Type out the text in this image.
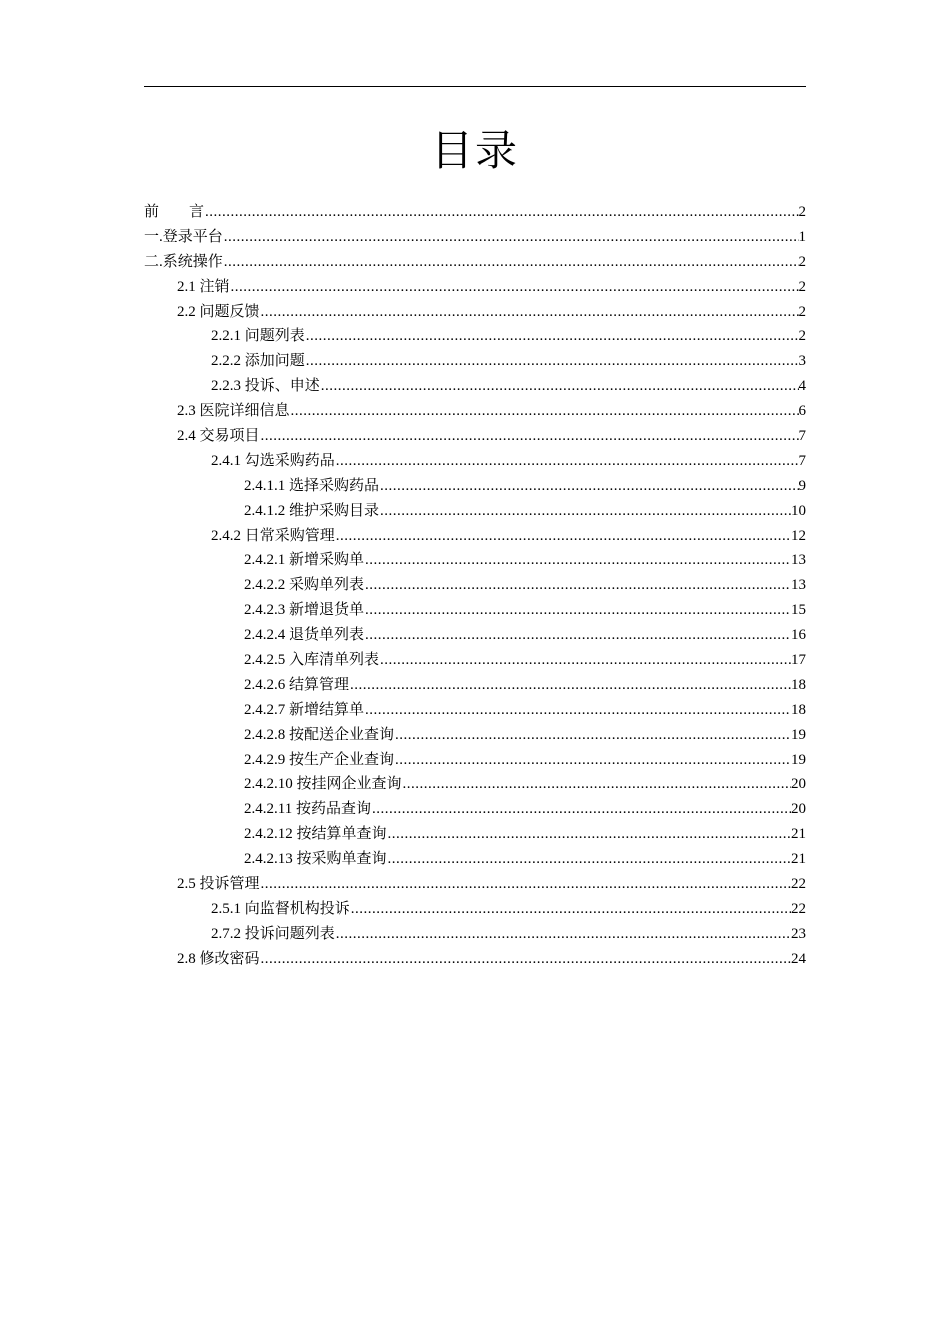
目录
前　　言 .....	2
一.登录平台 .....	1
二.系统操作 .....	2
2.1 注销 .....	2
2.2 问题反馈 .....	2
2.2.1 问题列表 .....	2
2.2.2 添加问题 .....	3
2.2.3 投诉、申述 .....	4
2.3 医院详细信息 .....	6
2.4 交易项目 .....	7
2.4.1 勾选采购药品 .....	7
2.4.1.1 选择采购药品 .....	9
2.4.1.2 维护采购目录 .....	10
2.4.2 日常采购管理 .....	12
2.4.2.1 新增采购单 .....	13
2.4.2.2 采购单列表 .....	13
2.4.2.3 新增退货单 .....	15
2.4.2.4 退货单列表 .....	16
2.4.2.5 入库清单列表 .....	17
2.4.2.6 结算管理 .....	18
2.4.2.7 新增结算单 .....	18
2.4.2.8 按配送企业查询 .....	19
2.4.2.9 按生产企业查询 .....	19
2.4.2.10 按挂网企业查询 .....	20
2.4.2.11 按药品查询 .....	20
2.4.2.12 按结算单查询 .....	21
2.4.2.13 按采购单查询 .....	21
2.5 投诉管理 .....	22
2.5.1 向监督机构投诉 .....	22
2.7.2 投诉问题列表 .....	23
2.8 修改密码 .....	24
